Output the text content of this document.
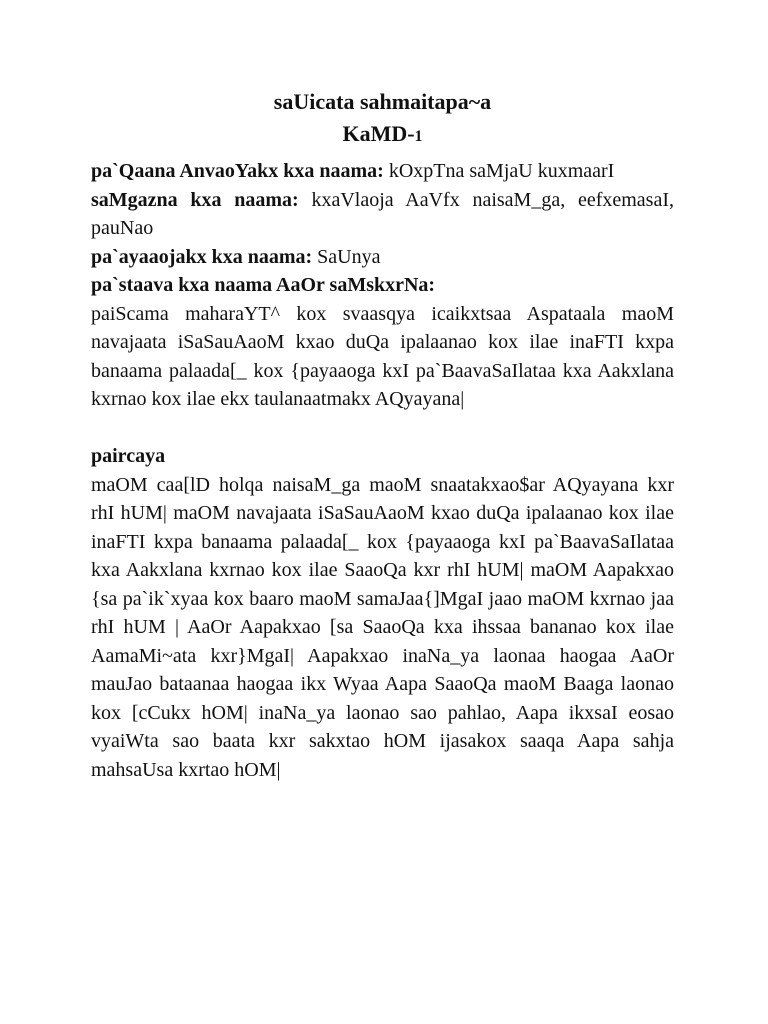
saUicata sahmaitapa~a
KaMD-1

pa`Qaana AnvaoYakx kxa naama: kOxpTna saMjaU kuxmaarI

saMgazna kxa naama: kxaVlaoja AaVfx naisaM_ga, eefxemasaI, pauNao

pa`ayaaojakx kxa naama: SaUnya

pa`staava kxa naama AaOr saMskxrNa:

paiScama maharaYT^ kox svaasqya icaikxtsaa Aspataala maoM navajaata iSaSauAaoM kxao duQa ipalaanao kox ilae inaFTI kxpa banaama palaada[_ kox {payaaoga kxI pa`BaavaSaIlataa kxa Aakxlana kxrnao kox ilae ekx taulanaatmakx AQyayana|

paircaya

maOM caa[lD holqa naisaM_ga maoM snaatakxao$ar AQyayana kxr rhI hUM| maOM navajaata iSaSauAaoM kxao duQa ipalaanao kox ilae inaFTI kxpa banaama palaada[_ kox {payaaoga kxI pa`BaavaSaIlataa kxa Aakxlana kxrnao kox ilae SaaoQa kxr rhI hUM| maOM Aapakxao {sa pa`ik`xyaa kox baaro maoM samaJaa{]MgaI jaao maOM kxrnao jaa rhI hUM | AaOr Aapakxao [sa SaaoQa kxa ihssaa bananao kox ilae AamaMi~ata kxr}MgaI| Aapakxao inaNa_ya laonaa haogaa AaOr mauJao bataanaa haogaa ikx Wyaa Aapa SaaoQa maoM Baaga laonao kox [cCukx hOM| inaNa_ya laonao sao pahlao, Aapa ikxsaI eosao vyaiWta sao baata kxr sakxtao hOM ijasakox saaqa Aapa sahja mahsaUsa kxrtao hOM|
